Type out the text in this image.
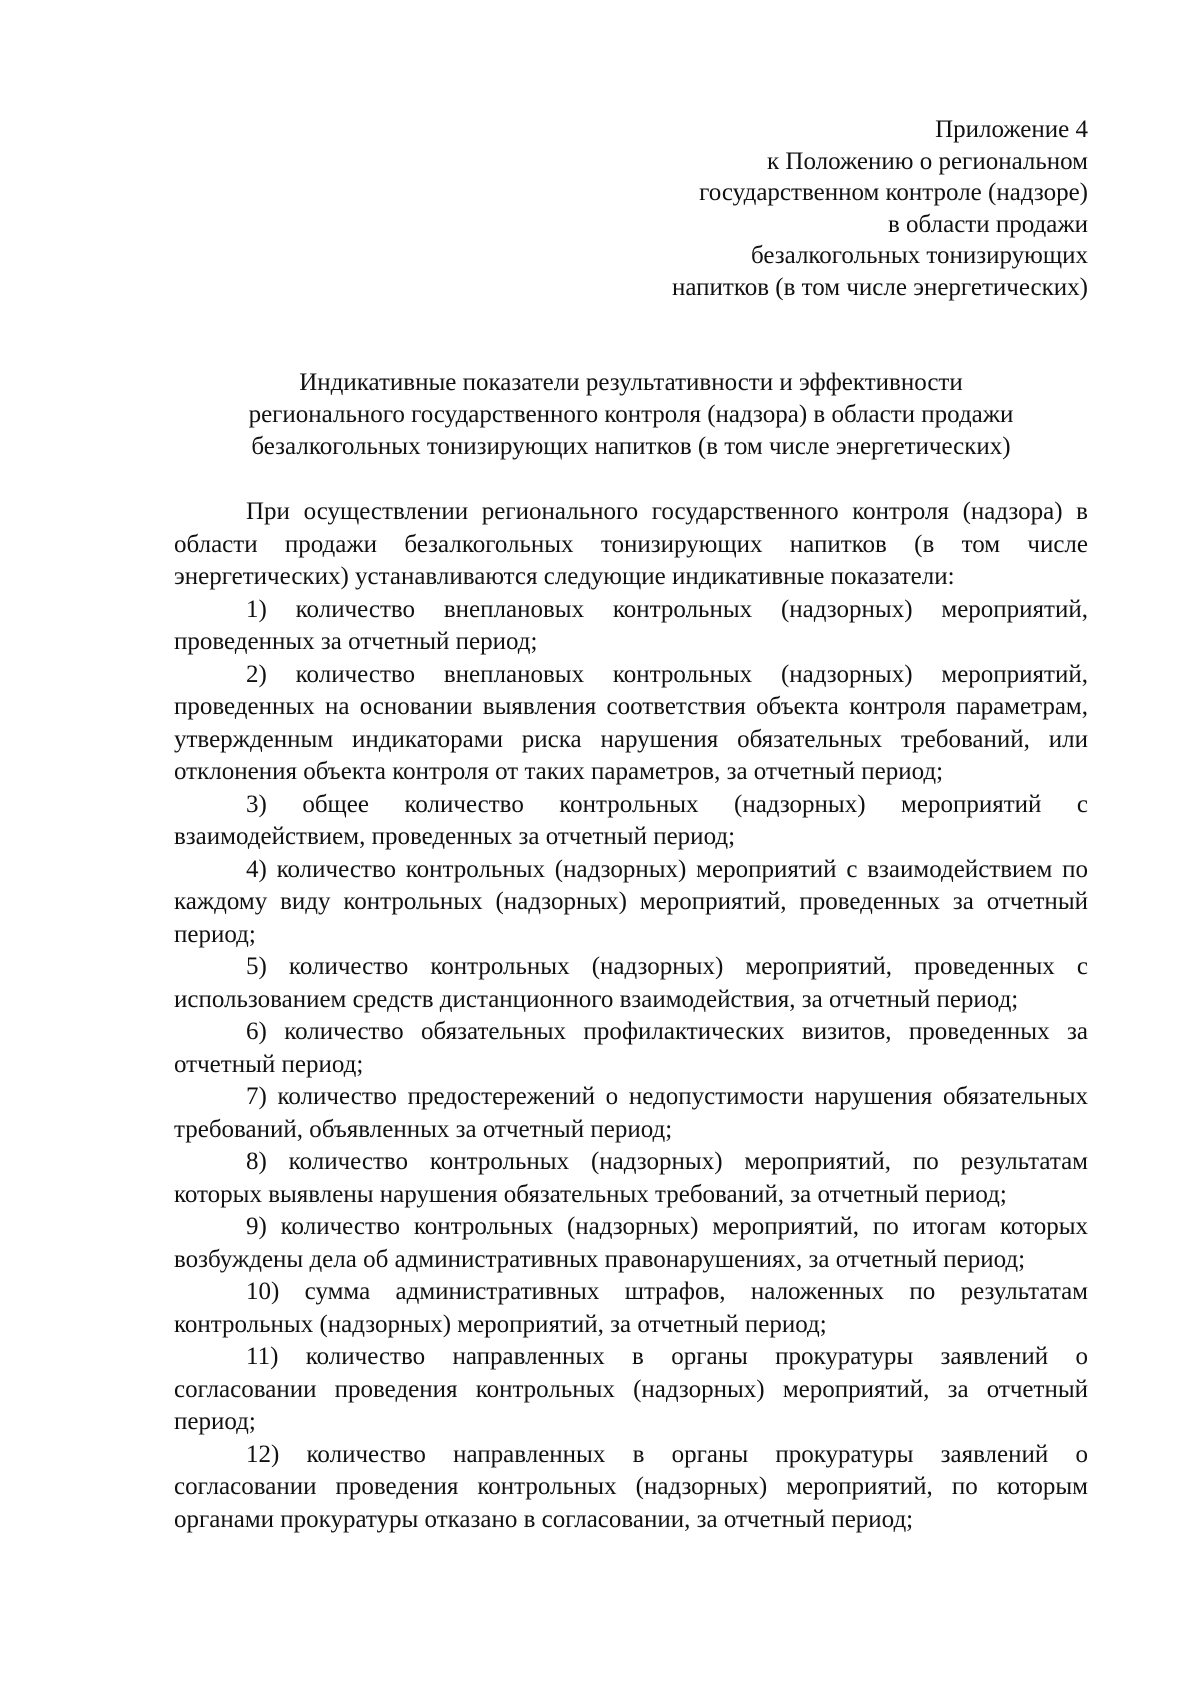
Приложение 4
к Положению о региональном
государственном контроле (надзоре)
в области продажи
безалкогольных тонизирующих
напитков (в том числе энергетических)
Индикативные показатели результативности и эффективности
регионального государственного контроля (надзора) в области продажи
безалкогольных тонизирующих напитков (в том числе энергетических)

При осуществлении регионального государственного контроля (надзора) в области продажи безалкогольных тонизирующих напитков (в том числе энергетических) устанавливаются следующие индикативные показатели:

1) количество внеплановых контрольных (надзорных) мероприятий, проведенных за отчетный период;

2) количество внеплановых контрольных (надзорных) мероприятий, проведенных на основании выявления соответствия объекта контроля параметрам, утвержденным индикаторами риска нарушения обязательных требований, или отклонения объекта контроля от таких параметров, за отчетный период;

3) общее количество контрольных (надзорных) мероприятий с взаимодействием, проведенных за отчетный период;

4) количество контрольных (надзорных) мероприятий с взаимодействием по каждому виду контрольных (надзорных) мероприятий, проведенных за отчетный период;

5) количество контрольных (надзорных) мероприятий, проведенных с использованием средств дистанционного взаимодействия, за отчетный период;

6) количество обязательных профилактических визитов, проведенных за отчетный период;

7) количество предостережений о недопустимости нарушения обязательных требований, объявленных за отчетный период;

8) количество контрольных (надзорных) мероприятий, по результатам которых выявлены нарушения обязательных требований, за отчетный период;

9) количество контрольных (надзорных) мероприятий, по итогам которых возбуждены дела об административных правонарушениях, за отчетный период;

10) сумма административных штрафов, наложенных по результатам контрольных (надзорных) мероприятий, за отчетный период;

11) количество направленных в органы прокуратуры заявлений о согласовании проведения контрольных (надзорных) мероприятий, за отчетный период;

12) количество направленных в органы прокуратуры заявлений о согласовании проведения контрольных (надзорных) мероприятий, по которым органами прокуратуры отказано в согласовании, за отчетный период;
